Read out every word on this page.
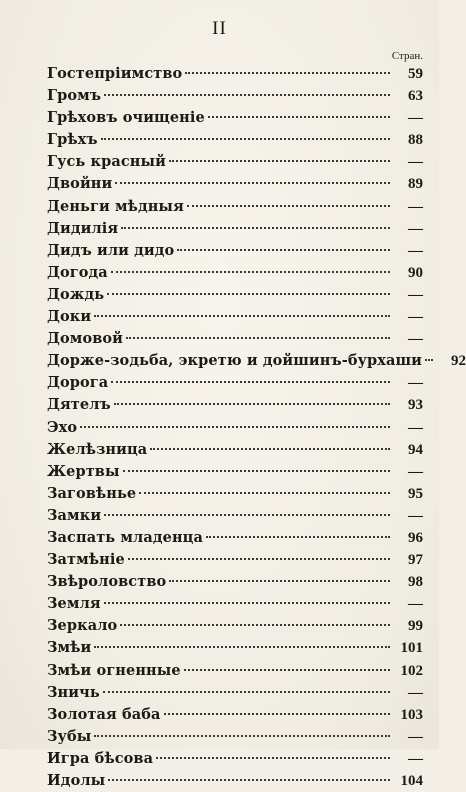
II
Стран.
Гостепріимство	59
Громъ	63
Грѣховъ очищеніе	—
Грѣхъ	88
Гусь красный	—
Двойни	89
Деньги мѣдныя	—
Дидилія	—
Дидъ или дидо	—
Догода	90
Дождь	—
Доки	—
Домовой	—
Дорже-зодьба, экретю и дойшинъ-бурхаши	92
Дорога	—
Дятелъ	93
Эхо	—
Желѣзница	94
Жертвы	—
Заговѣнье	95
Замки	—
Заспать младенца	96
Затмѣніе	97
Звѣроловство	98
Земля	—
Зеркало	99
Змѣи	101
Змѣи огненные	102
Зничь	—
Золотая баба	103
Зубы	—
Игра бѣсова	—
Идолы	104
